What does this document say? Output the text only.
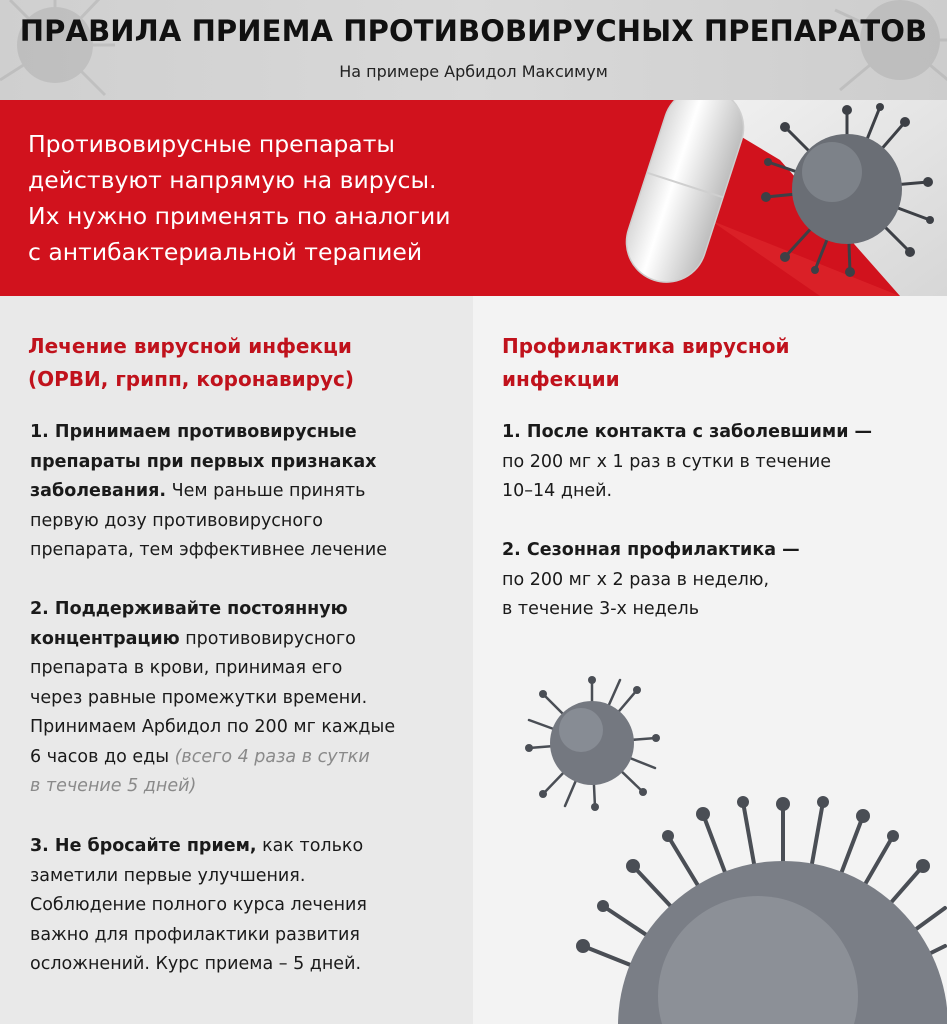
ПРАВИЛА ПРИЕМА ПРОТИВОВИРУСНЫХ ПРЕПАРАТОВ
На примере Арбидол Максимум
Противовирусные препараты
действуют напрямую на вирусы.
Их нужно применять по аналогии
с антибактериальной терапией
Лечение вирусной инфекци
(ОРВИ, грипп, коронавирус)
1. Принимаем противовирусные
препараты при первых признаках
заболевания. Чем раньше принять
первую дозу противовирусного
препарата, тем эффективнее лечение
2. Поддерживайте постоянную
концентрацию противовирусного
препарата в крови, принимая его
через равные промежутки времени.
Принимаем Арбидол по 200 мг каждые
6 часов до еды (всего 4 раза в сутки
в течение 5 дней)
3. Не бросайте прием, как только
заметили первые улучшения.
Соблюдение полного курса лечения
важно для профилактики развития
осложнений. Курс приема – 5 дней.
Профилактика вирусной
инфекции
1. После контакта с заболевшими —
по 200 мг х 1 раз в сутки в течение
10–14 дней.
2. Сезонная профилактика —
по 200 мг х 2 раза в неделю,
в течение 3-х недель
